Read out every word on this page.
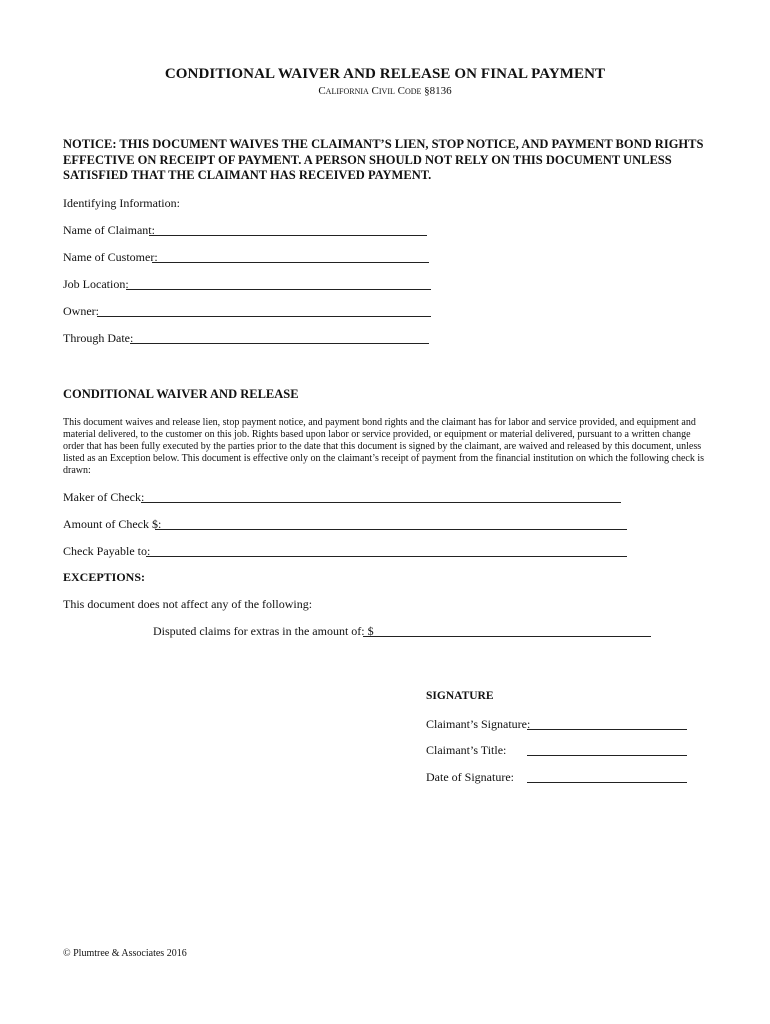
CONDITIONAL WAIVER AND RELEASE ON FINAL PAYMENT
California Civil Code §8136
NOTICE: THIS DOCUMENT WAIVES THE CLAIMANT’S LIEN, STOP NOTICE, AND PAYMENT BOND RIGHTS EFFECTIVE ON RECEIPT OF PAYMENT. A PERSON SHOULD NOT RELY ON THIS DOCUMENT UNLESS SATISFIED THAT THE CLAIMANT HAS RECEIVED PAYMENT.
Identifying Information:
Name of Claimant:
Name of Customer:
Job Location:
Owner:
Through Date:
CONDITIONAL WAIVER AND RELEASE
This document waives and release lien, stop payment notice, and payment bond rights and the claimant has for labor and service provided, and equipment and material delivered, to the customer on this job. Rights based upon labor or service provided, or equipment or material delivered, pursuant to a written change order that has been fully executed by the parties prior to the date that this document is signed by the claimant, are waived and released by this document, unless listed as an Exception below. This document is effective only on the claimant’s receipt of payment from the financial institution on which the following check is drawn:
Maker of Check:
Amount of Check $:
Check Payable to:
EXCEPTIONS:
This document does not affect any of the following:
Disputed claims for extras in the amount of: $
SIGNATURE
Claimant’s Signature:
Claimant’s Title:
Date of Signature:
© Plumtree & Associates 2016
